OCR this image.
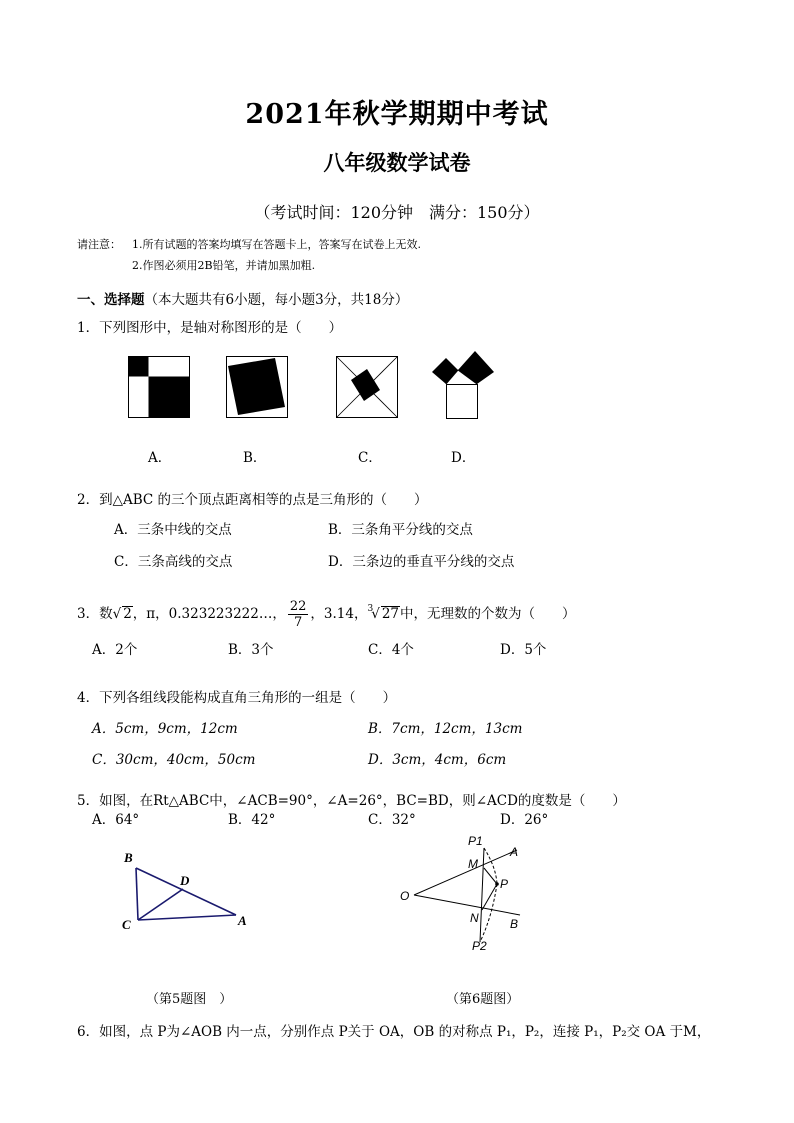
2021年秋学期期中考试
八年级数学试卷
（考试时间：120分钟　满分：150分）
请注意： 1.所有试题的答案均填写在答题卡上，答案写在试卷上无效.
2.作图必须用2B铅笔，并请加黑加粗.
一、选择题（本大题共有6小题，每小题3分，共18分）
1．下列图形中，是轴对称图形的是（　　）
A．	B．	C．	D．
2．到△ABC 的三个顶点距离相等的点是三角形的（　　）
A．三条中线的交点	B．三条角平分线的交点
C．三条高线的交点	D．三条边的垂直平分线的交点
3．数√ 2，π，0.323223222…， $\frac{22}{7}$ ，3.14，$^3$√ 27中，无理数的个数为（　　）
A．2个	B．3个	C．4个	D．5个
4．下列各组线段能构成直角三角形的一组是（　　）
A．5cm，9cm，12cm	B．7cm，12cm，13cm
C．30cm，40cm，50cm	D．3cm，4cm，6cm
5．如图，在Rt△ABC中，∠ACB=90°，∠A=26°，BC=BD，则∠ACD的度数是（　　）
A．64°	B．42°	C．32°	D．26°
B
D
C	A
P1
M
A
P
O
N	B
P2
（第5题图　）	（第6题图）
6．如图，点 P为∠AOB 内一点，分别作点 P关于 OA，OB 的对称点 P₁，P₂，连接 P₁，P₂交 OA 于M，
